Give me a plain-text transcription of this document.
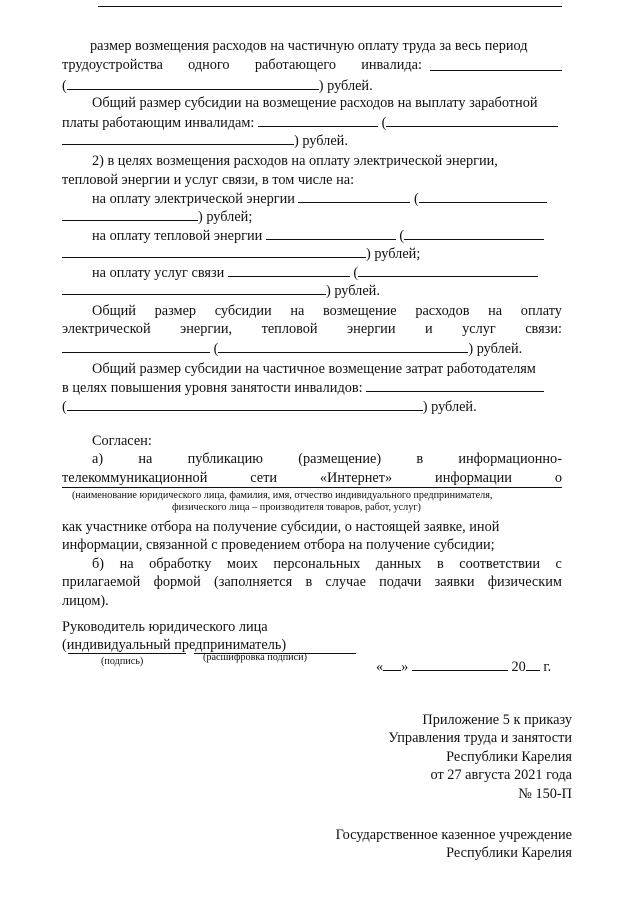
размер возмещения расходов на частичную оплату труда за весь период
трудоустройства одного работающего инвалида:
(	) рублей.
Общий размер субсидии на возмещение расходов на выплату заработной
платы работающим инвалидам:	(
) рублей.
2) в целях возмещения расходов на оплату электрической энергии,
тепловой энергии и услуг связи, в том числе на:
на оплату электрической энергии	(
) рублей;
на оплату тепловой энергии	(
) рублей;
на оплату услуг связи	(
) рублей.
Общий размер субсидии на возмещение расходов на оплату
электрической энергии, тепловой энергии и услуг связи:
(	) рублей.
Общий размер субсидии на частичное возмещение затрат работодателям
в целях повышения уровня занятости инвалидов:
(	) рублей.
Согласен:
а) на публикацию (размещение) в информационно-
телекоммуникационной	сети	«Интернет»	информации	о
(наименование юридического лица, фамилия, имя, отчество индивидуального предпринимателя,
физического лица – производителя товаров, работ, услуг)
как участнике отбора на получение субсидии, о настоящей заявке, иной
информации, связанной с проведением отбора на получение субсидии;
б) на обработку моих персональных данных в соответствии с
прилагаемой формой (заполняется в случае подачи заявки физическим
лицом).
Руководитель юридического лица
(индивидуальный предприниматель)
(подпись)	(расшифровка подписи)
« »	20 г.
Приложение 5 к приказу
Управления труда и занятости
Республики Карелия
от 27 августа 2021 года
№ 150-П
Государственное казенное учреждение
Республики Карелия
